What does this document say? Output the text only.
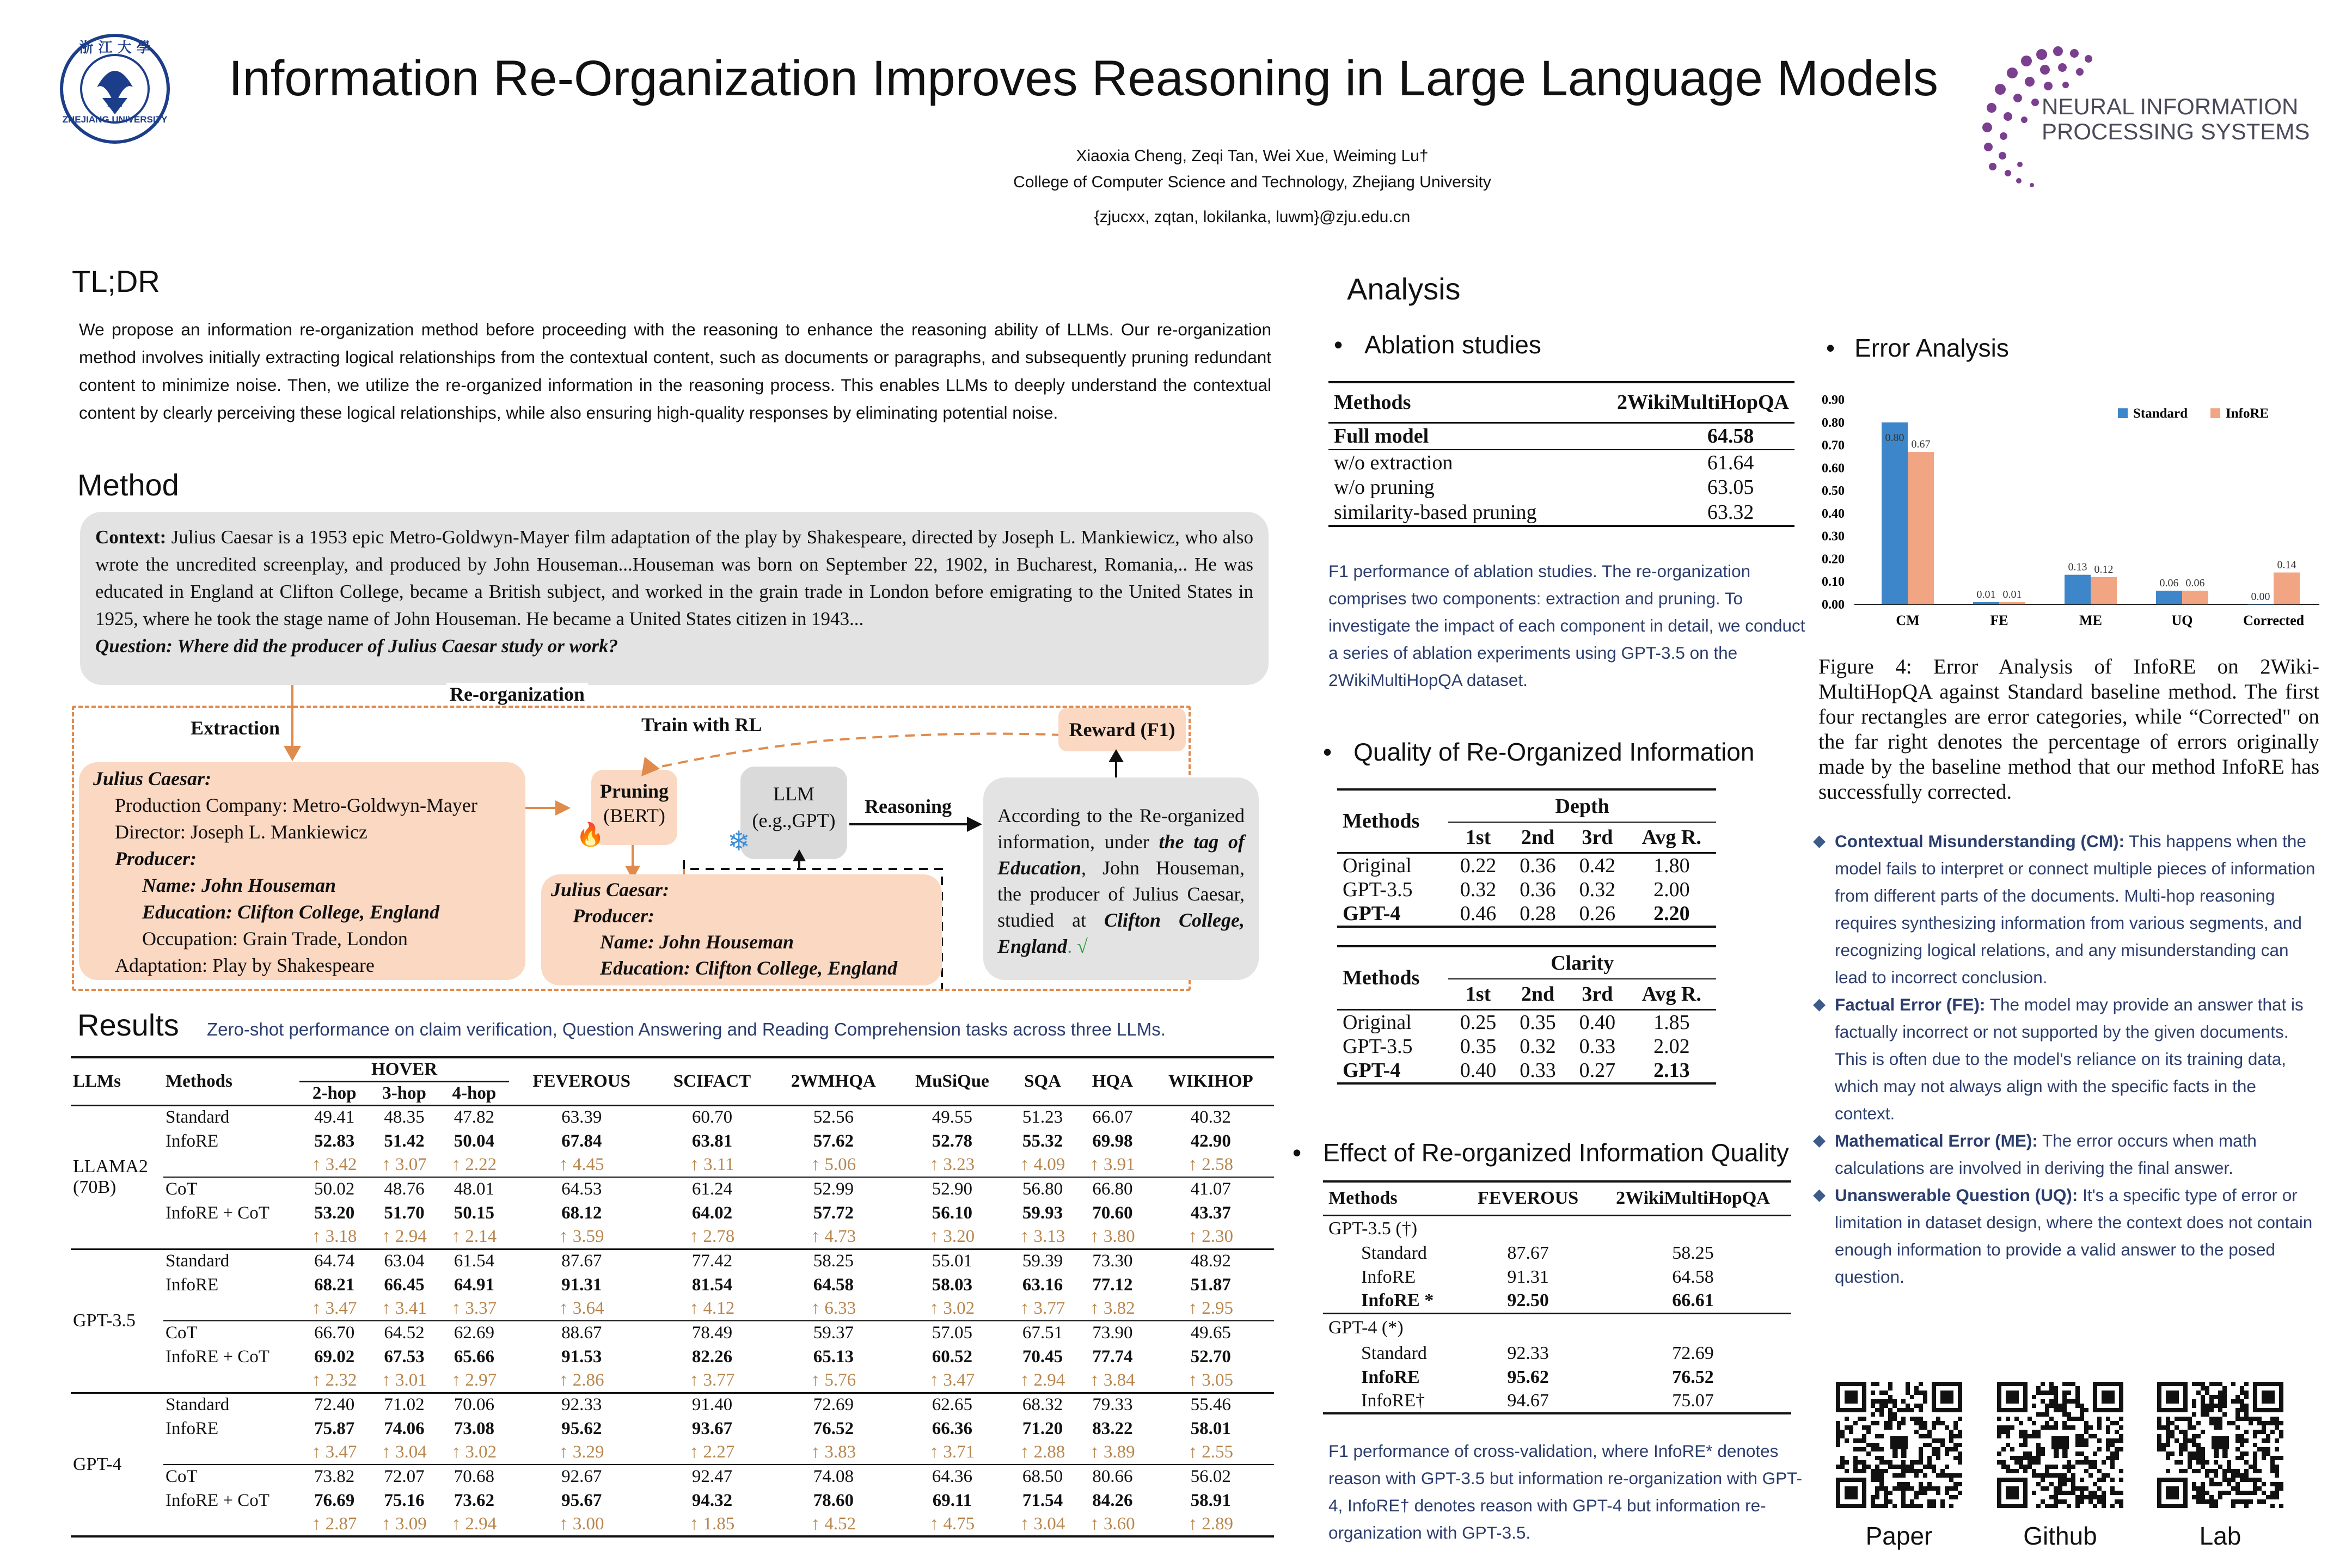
浙 江 大 學
ZHEJIANG UNIVERSITY
1897 Information Re-Organization Improves Reasoning in Large Language Models
Xiaoxia Cheng, Zeqi Tan, Wei Xue, Weiming Lu†
College of Computer Science and Technology, Zhejiang University
{zjucxx, zqtan, lokilanka, luwm}@zju.edu.cn
NEURAL INFORMATION
PROCESSING SYSTEMS
TL;DR
We propose an information re-organization method before proceeding with the reasoning to enhance the reasoning ability of LLMs. Our re-organization method involves initially extracting logical relationships from the contextual content, such as documents or paragraphs, and subsequently pruning redundant content to minimize noise. Then, we utilize the re-organized information in the reasoning process. This enables LLMs to deeply understand the contextual content by clearly perceiving these logical relationships, while also ensuring high-quality responses by eliminating potential noise.
Method
Context: Julius Caesar is a 1953 epic Metro-Goldwyn-Mayer film adaptation of the play by Shakespeare, directed by Joseph L. Mankiewicz, who also wrote the uncredited screenplay, and produced by John Houseman...Houseman was born on September 22, 1902, in Bucharest, Romania,.. He was educated in England at Clifton College, became a British subject, and worked in the grain trade in London before emigrating to the United States in 1925, where he took the stage name of John Houseman. He became a United States citizen in 1943...
Question: Where did the producer of Julius Caesar study or work?
Re-organization
Extraction
Julius Caesar:
Production Company: Metro-Goldwyn-Mayer
Director: Joseph L. Mankiewicz
Producer:
Name: John Houseman
Education: Clifton College, England
Occupation: Grain Trade, London
Adaptation: Play by Shakespeare
Pruning
(BERT)
🔥
Train with RL	Reward (F1)
LLM
(e.g.,GPT)
❄
Reasoning	According to the Re-organized information, under the tag of Education, John Houseman, the producer of Julius Caesar, studied at Clifton College, England. √
Julius Caesar:
Producer:
Name: John Houseman
Education: Clifton College, England
Results Zero-shot performance on claim verification, Question Answering and Reading Comprehension tasks across three LLMs.
LLMs	Methods	HOVER			FEVEROUS	SCIFACT	2WMHQA	MuSiQue	SQA	HQA	WIKIHOP
		2-hop	3-hop	4-hop							
LLAMA2 (70B)	Standard	49.41	48.35	47.82	63.39	60.70	52.56	49.55	51.23	66.07	40.32
	InfoRE	52.83	51.42	50.04	67.84	63.81	57.62	52.78	55.32	69.98	42.90
		↑ 3.42	↑ 3.07	↑ 2.22	↑ 4.45	↑ 3.11	↑ 5.06	↑ 3.23	↑ 4.09	↑ 3.91	↑ 2.58
	CoT	50.02	48.76	48.01	64.53	61.24	52.99	52.90	56.80	66.80	41.07
	InfoRE + CoT	53.20	51.70	50.15	68.12	64.02	57.72	56.10	59.93	70.60	43.37
		↑ 3.18	↑ 2.94	↑ 2.14	↑ 3.59	↑ 2.78	↑ 4.73	↑ 3.20	↑ 3.13	↑ 3.80	↑ 2.30
GPT-3.5	Standard	64.74	63.04	61.54	87.67	77.42	58.25	55.01	59.39	73.30	48.92
	InfoRE	68.21	66.45	64.91	91.31	81.54	64.58	58.03	63.16	77.12	51.87
		↑ 3.47	↑ 3.41	↑ 3.37	↑ 3.64	↑ 4.12	↑ 6.33	↑ 3.02	↑ 3.77	↑ 3.82	↑ 2.95
	CoT	66.70	64.52	62.69	88.67	78.49	59.37	57.05	67.51	73.90	49.65
	InfoRE + CoT	69.02	67.53	65.66	91.53	82.26	65.13	60.52	70.45	77.74	52.70
		↑ 2.32	↑ 3.01	↑ 2.97	↑ 2.86	↑ 3.77	↑ 5.76	↑ 3.47	↑ 2.94	↑ 3.84	↑ 3.05
GPT-4	Standard	72.40	71.02	70.06	92.33	91.40	72.69	62.65	68.32	79.33	55.46
	InfoRE	75.87	74.06	73.08	95.62	93.67	76.52	66.36	71.20	83.22	58.01
		↑ 3.47	↑ 3.04	↑ 3.02	↑ 3.29	↑ 2.27	↑ 3.83	↑ 3.71	↑ 2.88	↑ 3.89	↑ 2.55
	CoT	73.82	72.07	70.68	92.67	92.47	74.08	64.36	68.50	80.66	56.02
	InfoRE + CoT	76.69	75.16	73.62	95.67	94.32	78.60	69.11	71.54	84.26	58.91
		↑ 2.87	↑ 3.09	↑ 2.94	↑ 3.00	↑ 1.85	↑ 4.52	↑ 4.75	↑ 3.04	↑ 3.60	↑ 2.89
Analysis
• Ablation studies
Methods	2WikiMultiHopQA
Full model	64.58
w/o extraction	61.64
w/o pruning	63.05
similarity-based pruning	63.32
F1 performance of ablation studies. The re-organization comprises two components: extraction and pruning. To investigate the impact of each component in detail, we conduct a series of ablation experiments using GPT-3.5 on the 2WikiMultiHopQA dataset.
• Quality of Re-Organized Information
Methods	Depth			
	1st	2nd	3rd	Avg R.
Original	0.22	0.36	0.42	1.80
GPT-3.5	0.32	0.36	0.32	2.00
GPT-4	0.46	0.28	0.26	2.20
Methods	Clarity			
	1st	2nd	3rd	Avg R.
Original	0.25	0.35	0.40	1.85
GPT-3.5	0.35	0.32	0.33	2.02
GPT-4	0.40	0.33	0.27	2.13
• Effect of Re-organized Information Quality
Methods	FEVEROUS	2WikiMultiHopQA
GPT-3.5 (†)		
Standard	87.67	58.25
InfoRE	91.31	64.58
InfoRE *	92.50	66.61
GPT-4 (*)		
Standard	92.33	72.69
InfoRE	95.62	76.52
InfoRE†	94.67	75.07
F1 performance of cross-validation, where InfoRE* denotes reason with GPT-3.5 but information re-organization with GPT-4, InfoRE† denotes reason with GPT-4 but information re-organization with GPT-3.5.
• Error Analysis
0.00
0.10
0.20
0.30
0.40
0.50
0.60
0.70
0.80
0.90
0.80
0.67
CM
0.01 0.01
FE
0.13 0.12
ME
0.06 0.06
UQ
0.00
0.14
Corrected
Standard	InfoRE
Figure 4: Error Analysis of InfoRE on 2Wiki-MultiHopQA against Standard baseline method. The first four rectangles are error categories, while “Corrected" on the far right denotes the percentage of errors originally made by the baseline method that our method InfoRE has successfully corrected.
◆ Contextual Misunderstanding (CM): This happens when the model fails to interpret or connect multiple pieces of information from different parts of the documents. Multi-hop reasoning requires synthesizing information from various segments, and recognizing logical relations, and any misunderstanding can lead to incorrect conclusion.
◆ Factual Error (FE): The model may provide an answer that is factually incorrect or not supported by the given documents. This is often due to the model's reliance on its training data, which may not always align with the specific facts in the context.
◆ Mathematical Error (ME): The error occurs when math calculations are involved in deriving the final answer.
◆ Unanswerable Question (UQ): It's a specific type of error or limitation in dataset design, where the context does not contain enough information to provide a valid answer to the posed question.
Paper	Github	Lab
